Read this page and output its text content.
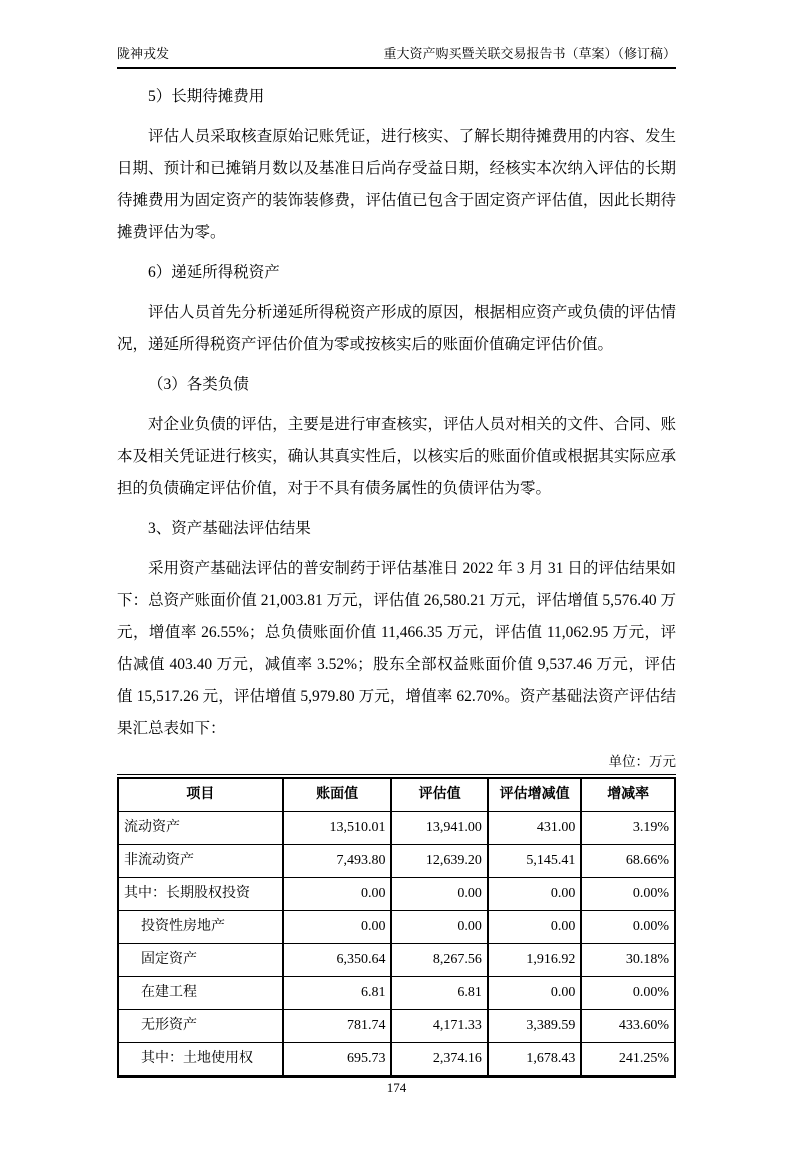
陇神戎发	重大资产购买暨关联交易报告书（草案）（修订稿）
5）长期待摊费用
评估人员采取核查原始记账凭证，进行核实、了解长期待摊费用的内容、发生日期、预计和已摊销月数以及基准日后尚存受益日期，经核实本次纳入评估的长期待摊费用为固定资产的装饰装修费，评估值已包含于固定资产评估值，因此长期待摊费评估为零。
6）递延所得税资产
评估人员首先分析递延所得税资产形成的原因，根据相应资产或负债的评估情况，递延所得税资产评估价值为零或按核实后的账面价值确定评估价值。
（3）各类负债
对企业负债的评估，主要是进行审查核实，评估人员对相关的文件、合同、账本及相关凭证进行核实，确认其真实性后，以核实后的账面价值或根据其实际应承担的负债确定评估价值，对于不具有债务属性的负债评估为零。
3、资产基础法评估结果
采用资产基础法评估的普安制药于评估基准日 2022 年 3 月 31 日的评估结果如下：总资产账面价值 21,003.81 万元，评估值 26,580.21 万元，评估增值 5,576.40 万元，增值率 26.55%；总负债账面价值 11,466.35 万元，评估值 11,062.95 万元，评估减值 403.40 万元，减值率 3.52%；股东全部权益账面价值 9,537.46 万元，评估值 15,517.26 元，评估增值 5,979.80 万元，增值率 62.70%。资产基础法资产评估结果汇总表如下：
单位：万元
项目	账面值	评估值	评估增减值	增减率
流动资产	13,510.01	13,941.00	431.00	3.19%
非流动资产	7,493.80	12,639.20	5,145.41	68.66%
其中：长期股权投资	0.00	0.00	0.00	0.00%
投资性房地产	0.00	0.00	0.00	0.00%
固定资产	6,350.64	8,267.56	1,916.92	30.18%
在建工程	6.81	6.81	0.00	0.00%
无形资产	781.74	4,171.33	3,389.59	433.60%
其中：土地使用权	695.73	2,374.16	1,678.43	241.25%
174
